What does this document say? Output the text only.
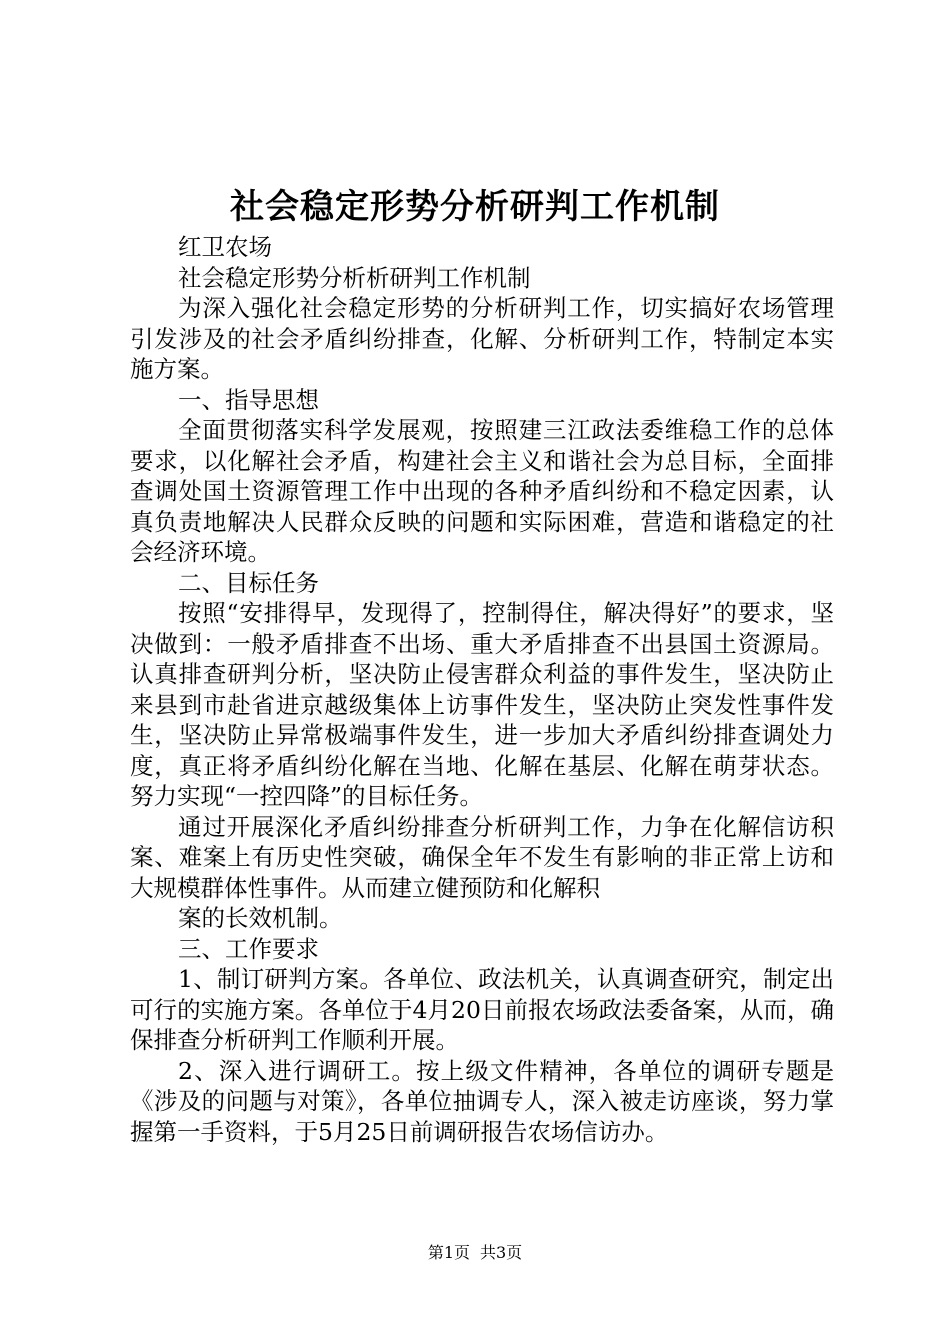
社会稳定形势分析研判工作机制

红卫农场

社会稳定形势分析析研判工作机制

为深入强化社会稳定形势的分析研判工作，切实搞好农场管理引发涉及的社会矛盾纠纷排查，化解、分析研判工作，特制定本实施方案。

一、指导思想

全面贯彻落实科学发展观，按照建三江政法委维稳工作的总体要求，以化解社会矛盾，构建社会主义和谐社会为总目标，全面排查调处国土资源管理工作中出现的各种矛盾纠纷和不稳定因素，认真负责地解决人民群众反映的问题和实际困难，营造和谐稳定的社会经济环境。

二、目标任务

按照“安排得早，发现得了，控制得住，解决得好”的要求，坚决做到：一般矛盾排查不出场、重大矛盾排查不出县国土资源局。认真排查研判分析，坚决防止侵害群众利益的事件发生，坚决防止来县到市赴省进京越级集体上访事件发生，坚决防止突发性事件发生，坚决防止异常极端事件发生，进一步加大矛盾纠纷排查调处力度，真正将矛盾纠纷化解在当地、化解在基层、化解在萌芽状态。努力实现“一控四降”的目标任务。

通过开展深化矛盾纠纷排查分析研判工作，力争在化解信访积案、难案上有历史性突破，确保全年不发生有影响的非正常上访和大规模群体性事件。从而建立健预防和化解积

案的长效机制。

三、工作要求

1、制订研判方案。各单位、政法机关，认真调查研究，制定出可行的实施方案。各单位于4月20日前报农场政法委备案，从而，确保排查分析研判工作顺利开展。

2、深入进行调研工。按上级文件精神，各单位的调研专题是《涉及的问题与对策》，各单位抽调专人，深入被走访座谈，努力掌握第一手资料，于5月25日前调研报告农场信访办。

第1页 共3页
